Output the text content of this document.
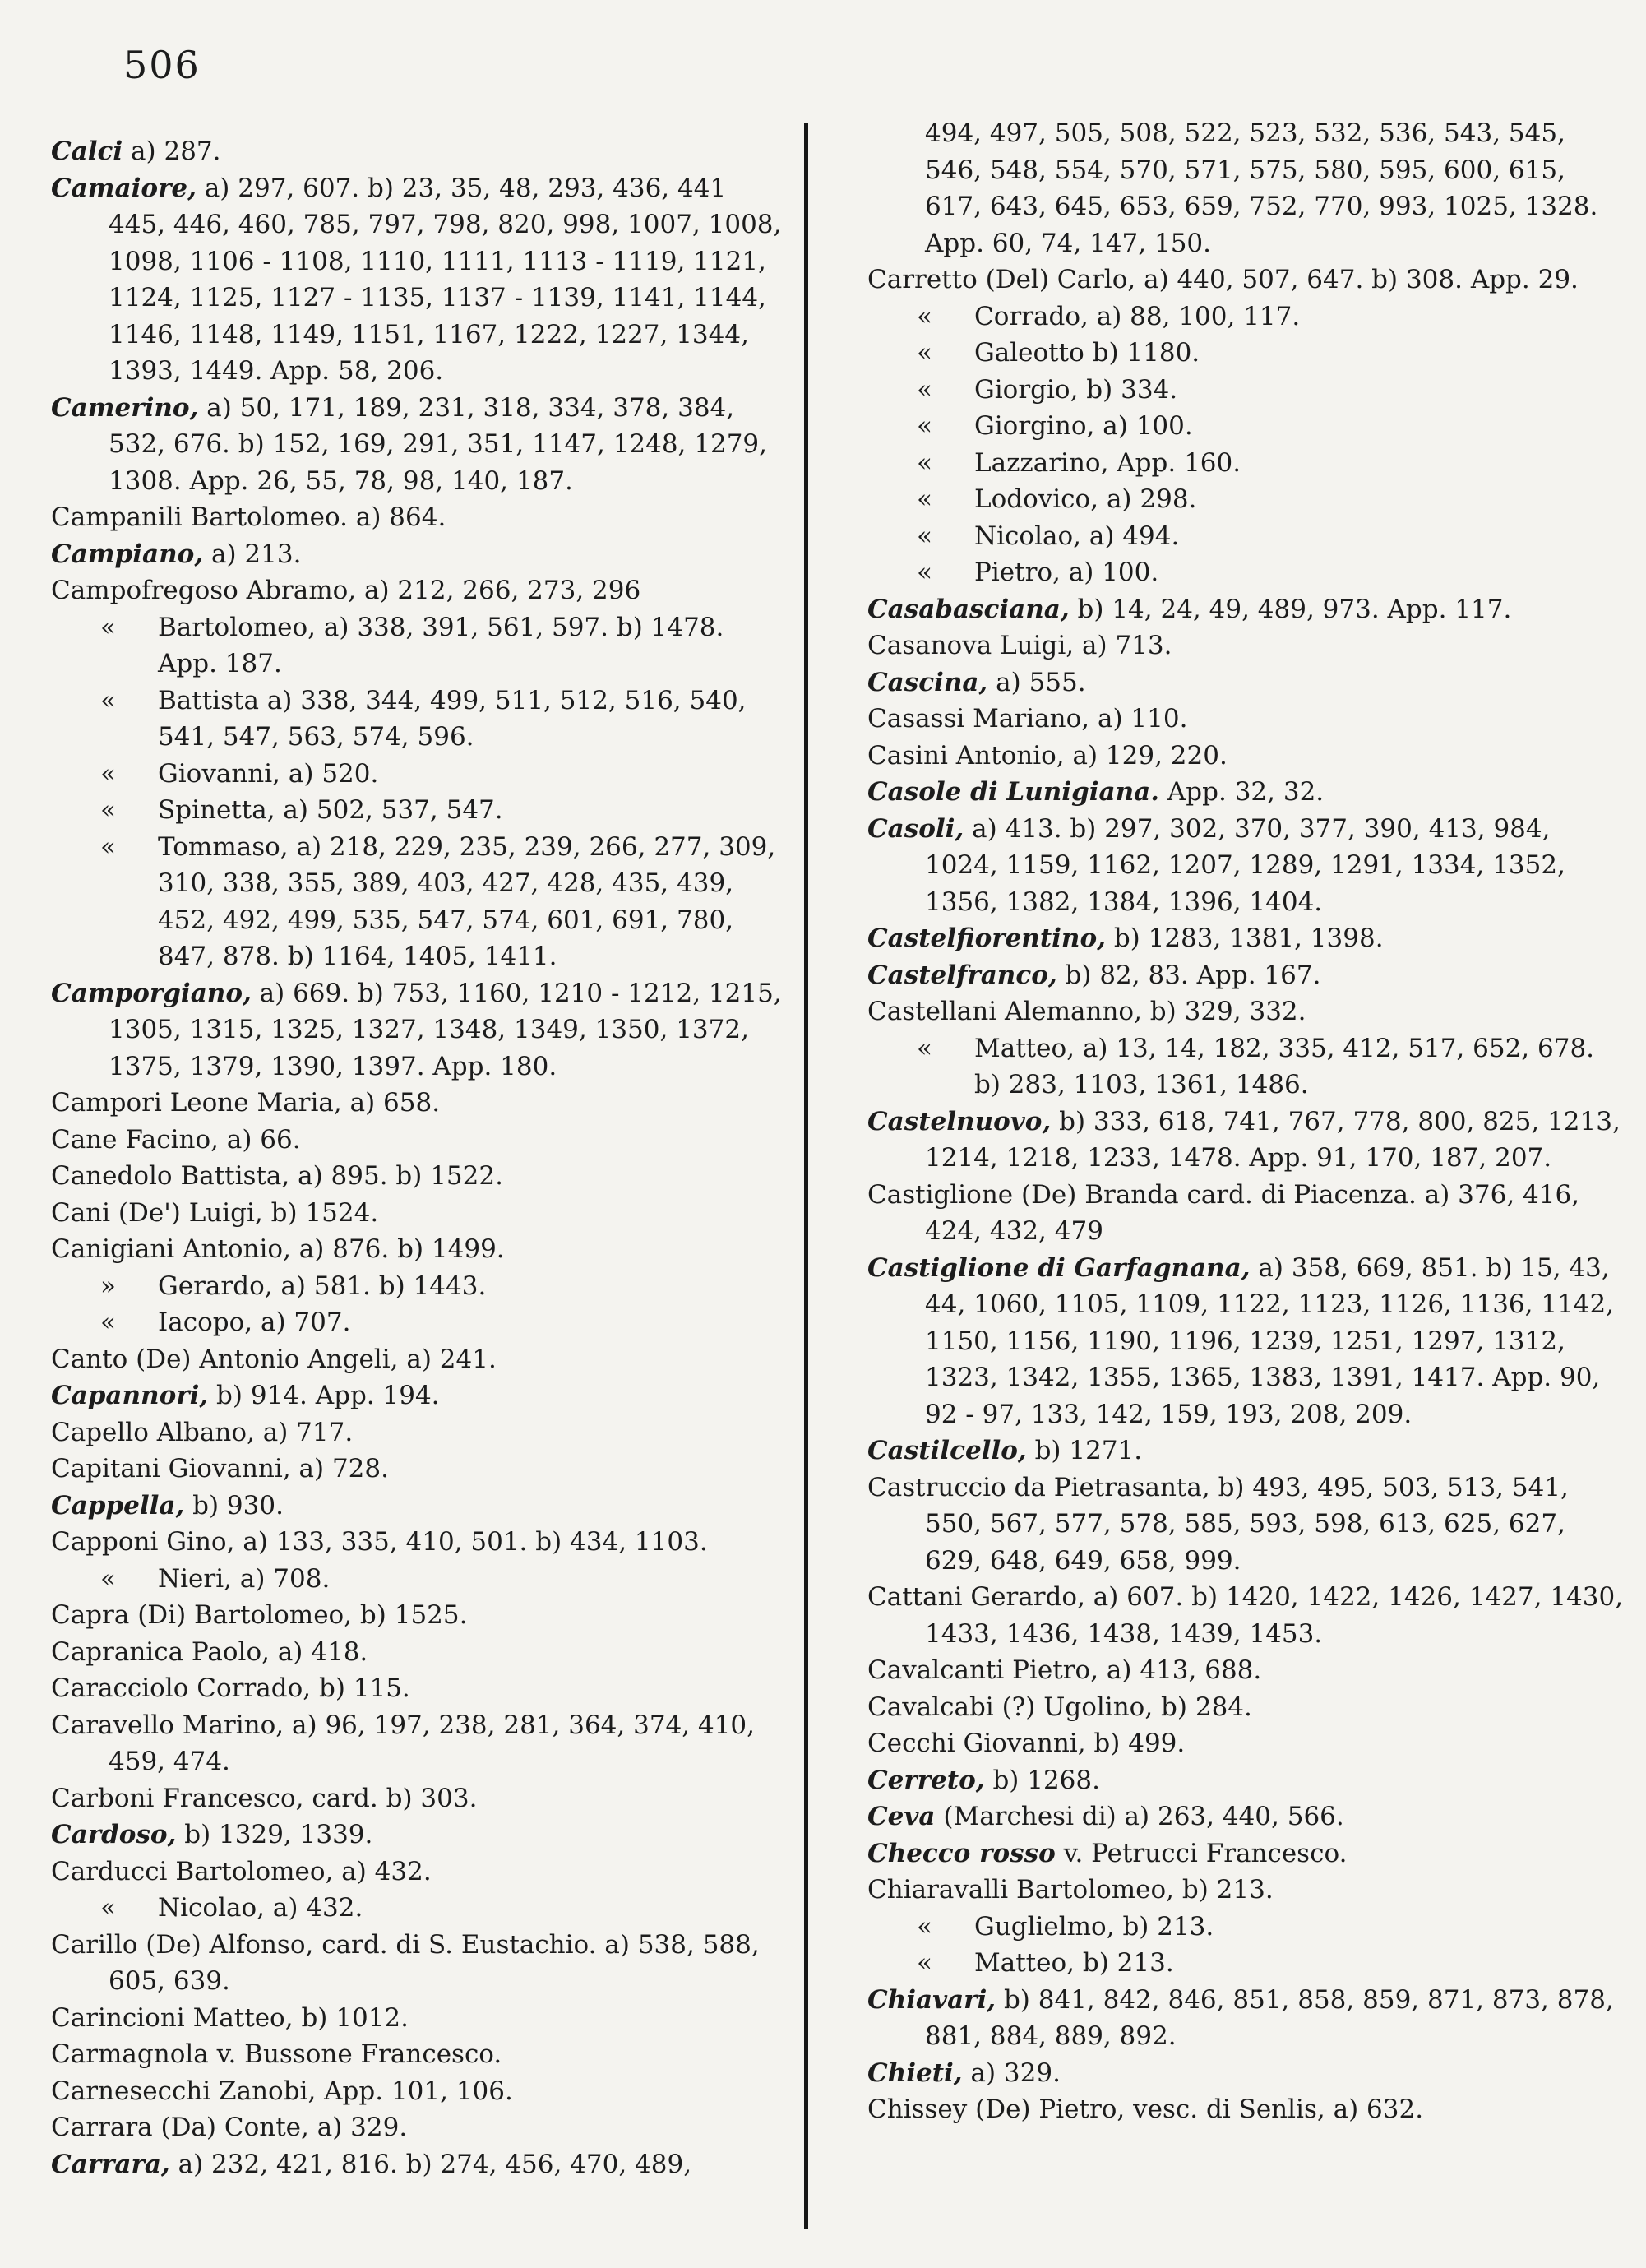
506

Calci a) 287.

Camaiore, a) 297, 607. b) 23, 35, 48, 293, 436, 441 445, 446, 460, 785, 797, 798, 820, 998, 1007, 1008, 1098, 1106 - 1108, 1110, 1111, 1113 - 1119, 1121, 1124, 1125, 1127 - 1135, 1137 - 1139, 1141, 1144, 1146, 1148, 1149, 1151, 1167, 1222, 1227, 1344, 1393, 1449. App. 58, 206.

Camerino, a) 50, 171, 189, 231, 318, 334, 378, 384, 532, 676. b) 152, 169, 291, 351, 1147, 1248, 1279, 1308. App. 26, 55, 78, 98, 140, 187.

Campanili Bartolomeo. a) 864.

Campiano, a) 213.

Campofregoso Abramo, a) 212, 266, 273, 296

« Bartolomeo, a) 338, 391, 561, 597. b) 1478. App. 187.

« Battista a) 338, 344, 499, 511, 512, 516, 540, 541, 547, 563, 574, 596.

« Giovanni, a) 520.

« Spinetta, a) 502, 537, 547.

« Tommaso, a) 218, 229, 235, 239, 266, 277, 309, 310, 338, 355, 389, 403, 427, 428, 435, 439, 452, 492, 499, 535, 547, 574, 601, 691, 780, 847, 878. b) 1164, 1405, 1411.

Camporgiano, a) 669. b) 753, 1160, 1210 - 1212, 1215, 1305, 1315, 1325, 1327, 1348, 1349, 1350, 1372, 1375, 1379, 1390, 1397. App. 180.

Campori Leone Maria, a) 658.

Cane Facino, a) 66.

Canedolo Battista, a) 895. b) 1522.

Cani (De') Luigi, b) 1524.

Canigiani Antonio, a) 876. b) 1499.

» Gerardo, a) 581. b) 1443.

« Iacopo, a) 707.

Canto (De) Antonio Angeli, a) 241.

Capannori, b) 914. App. 194.

Capello Albano, a) 717.

Capitani Giovanni, a) 728.

Cappella, b) 930.

Capponi Gino, a) 133, 335, 410, 501. b) 434, 1103.

« Nieri, a) 708.

Capra (Di) Bartolomeo, b) 1525.

Capranica Paolo, a) 418.

Caracciolo Corrado, b) 115.

Caravello Marino, a) 96, 197, 238, 281, 364, 374, 410, 459, 474.

Carboni Francesco, card. b) 303.

Cardoso, b) 1329, 1339.

Carducci Bartolomeo, a) 432.

« Nicolao, a) 432.

Carillo (De) Alfonso, card. di S. Eustachio. a) 538, 588, 605, 639.

Carincioni Matteo, b) 1012.

Carmagnola v. Bussone Francesco.

Carnesecchi Zanobi, App. 101, 106.

Carrara (Da) Conte, a) 329.

Carrara, a) 232, 421, 816. b) 274, 456, 470, 489,

494, 497, 505, 508, 522, 523, 532, 536, 543, 545, 546, 548, 554, 570, 571, 575, 580, 595, 600, 615, 617, 643, 645, 653, 659, 752, 770, 993, 1025, 1328. App. 60, 74, 147, 150.

Carretto (Del) Carlo, a) 440, 507, 647. b) 308. App. 29.

« Corrado, a) 88, 100, 117.

« Galeotto b) 1180.

« Giorgio, b) 334.

« Giorgino, a) 100.

« Lazzarino, App. 160.

« Lodovico, a) 298.

« Nicolao, a) 494.

« Pietro, a) 100.

Casabasciana, b) 14, 24, 49, 489, 973. App. 117.

Casanova Luigi, a) 713.

Cascina, a) 555.

Casassi Mariano, a) 110.

Casini Antonio, a) 129, 220.

Casole di Lunigiana. App. 32, 32.

Casoli, a) 413. b) 297, 302, 370, 377, 390, 413, 984, 1024, 1159, 1162, 1207, 1289, 1291, 1334, 1352, 1356, 1382, 1384, 1396, 1404.

Castelfiorentino, b) 1283, 1381, 1398.

Castelfranco, b) 82, 83. App. 167.

Castellani Alemanno, b) 329, 332.

« Matteo, a) 13, 14, 182, 335, 412, 517, 652, 678. b) 283, 1103, 1361, 1486.

Castelnuovo, b) 333, 618, 741, 767, 778, 800, 825, 1213, 1214, 1218, 1233, 1478. App. 91, 170, 187, 207.

Castiglione (De) Branda card. di Piacenza. a) 376, 416, 424, 432, 479

Castiglione di Garfagnana, a) 358, 669, 851. b) 15, 43, 44, 1060, 1105, 1109, 1122, 1123, 1126, 1136, 1142, 1150, 1156, 1190, 1196, 1239, 1251, 1297, 1312, 1323, 1342, 1355, 1365, 1383, 1391, 1417. App. 90, 92 - 97, 133, 142, 159, 193, 208, 209.

Castilcello, b) 1271.

Castruccio da Pietrasanta, b) 493, 495, 503, 513, 541, 550, 567, 577, 578, 585, 593, 598, 613, 625, 627, 629, 648, 649, 658, 999.

Cattani Gerardo, a) 607. b) 1420, 1422, 1426, 1427, 1430, 1433, 1436, 1438, 1439, 1453.

Cavalcanti Pietro, a) 413, 688.

Cavalcabi (?) Ugolino, b) 284.

Cecchi Giovanni, b) 499.

Cerreto, b) 1268.

Ceva (Marchesi di) a) 263, 440, 566.

Checco rosso v. Petrucci Francesco.

Chiaravalli Bartolomeo, b) 213.

« Guglielmo, b) 213.

« Matteo, b) 213.

Chiavari, b) 841, 842, 846, 851, 858, 859, 871, 873, 878, 881, 884, 889, 892.

Chieti, a) 329.

Chissey (De) Pietro, vesc. di Senlis, a) 632.
